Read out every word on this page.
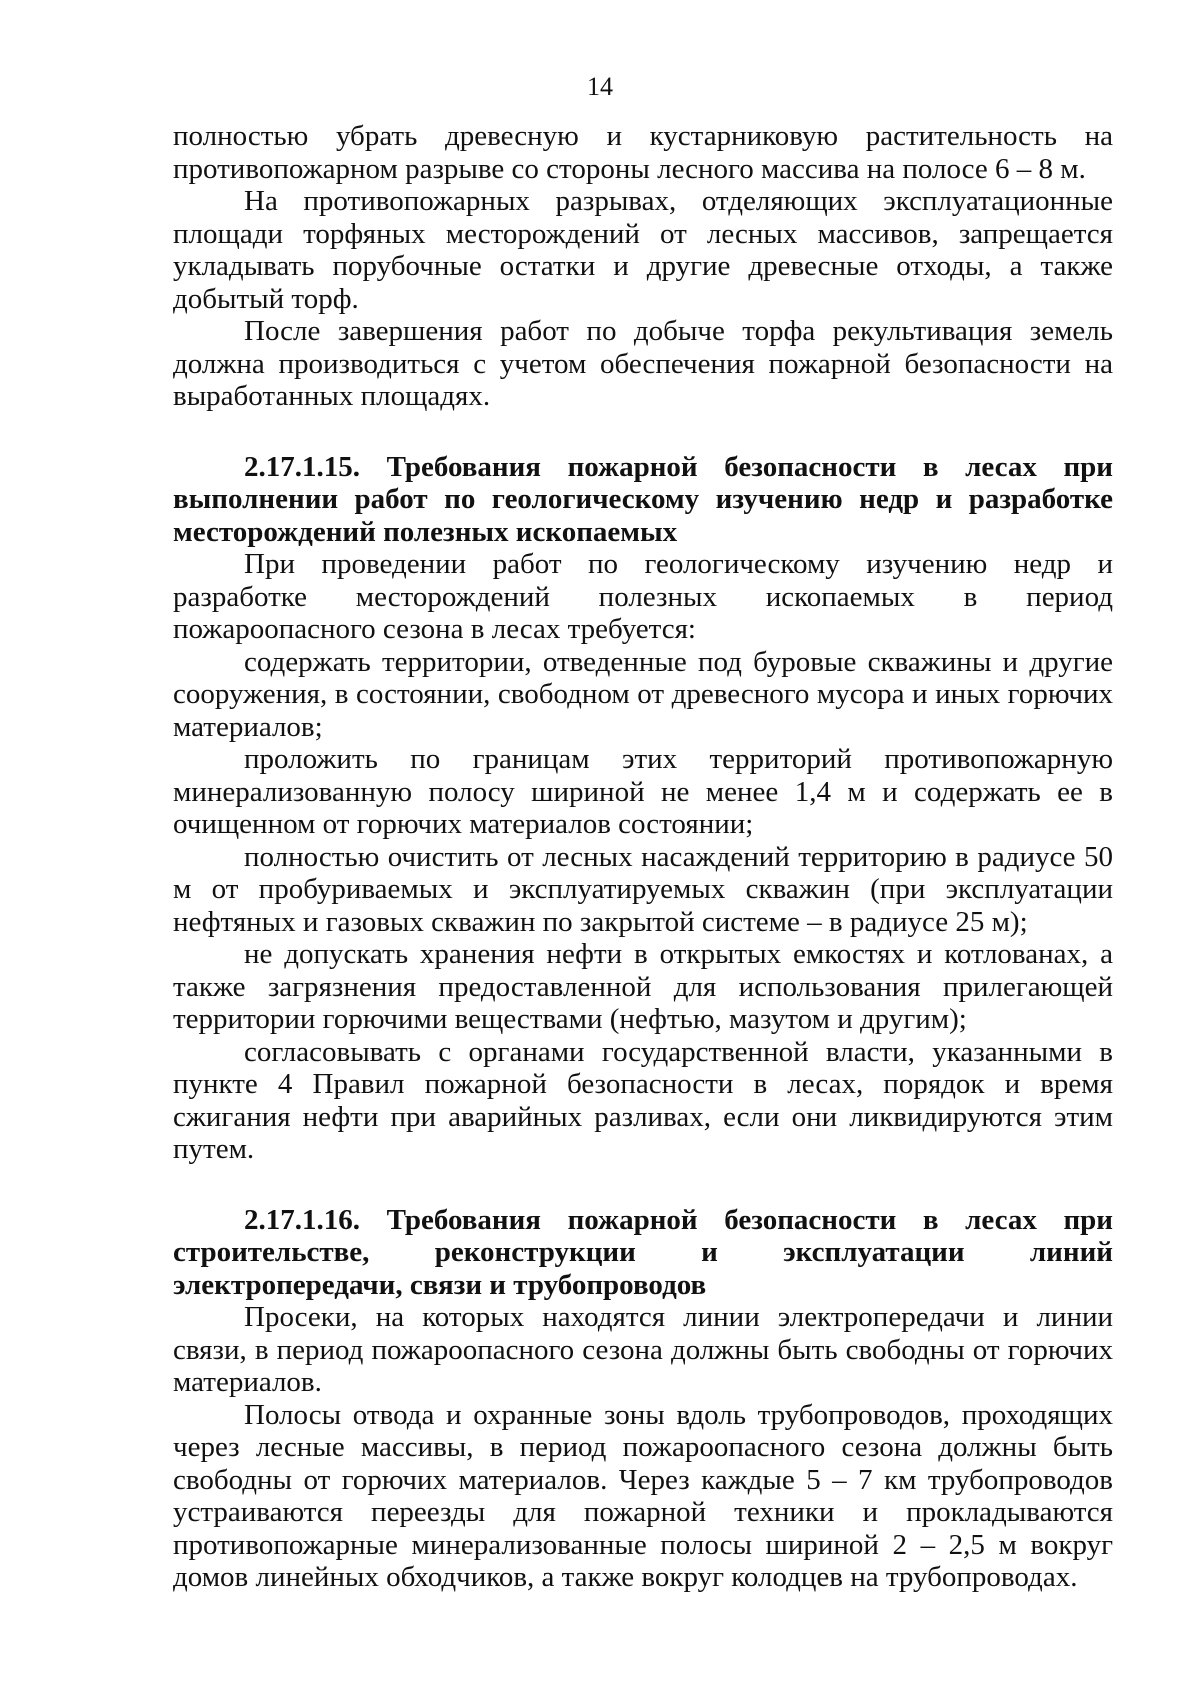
14

полностью убрать древесную и кустарниковую растительность на противопожарном разрыве со стороны лесного массива на полосе 6 – 8 м.

На противопожарных разрывах, отделяющих эксплуатационные площади торфяных месторождений от лесных массивов, запрещается укладывать порубочные остатки и другие древесные отходы, а также добытый торф.

После завершения работ по добыче торфа рекультивация земель должна производиться с учетом обеспечения пожарной безопасности на выработанных площадях.

2.17.1.15. Требования пожарной безопасности в лесах при выполнении работ по геологическому изучению недр и разработке месторождений полезных ископаемых

При проведении работ по геологическому изучению недр и разработке месторождений полезных ископаемых в период пожароопасного сезона в лесах требуется:

содержать территории, отведенные под буровые скважины и другие сооружения, в состоянии, свободном от древесного мусора и иных горючих материалов;

проложить по границам этих территорий противопожарную минерализованную полосу шириной не менее 1,4 м и содержать ее в очищенном от горючих материалов состоянии;

полностью очистить от лесных насаждений территорию в радиусе 50 м от пробуриваемых и эксплуатируемых скважин (при эксплуатации нефтяных и газовых скважин по закрытой системе – в радиусе 25 м);

не допускать хранения нефти в открытых емкостях и котлованах, а также загрязнения предоставленной для использования прилегающей территории горючими веществами (нефтью, мазутом и другим);

согласовывать с органами государственной власти, указанными в пункте 4 Правил пожарной безопасности в лесах, порядок и время сжигания нефти при аварийных разливах, если они ликвидируются этим путем.

2.17.1.16. Требования пожарной безопасности в лесах при строительстве, реконструкции и эксплуатации линий электропередачи, связи и трубопроводов

Просеки, на которых находятся линии электропередачи и линии связи, в период пожароопасного сезона должны быть свободны от горючих материалов.

Полосы отвода и охранные зоны вдоль трубопроводов, проходящих через лесные массивы, в период пожароопасного сезона должны быть свободны от горючих материалов. Через каждые 5 – 7 км трубопроводов устраиваются переезды для пожарной техники и прокладываются противопожарные минерализованные полосы шириной 2 – 2,5 м вокруг домов линейных обходчиков, а также вокруг колодцев на трубопроводах.
